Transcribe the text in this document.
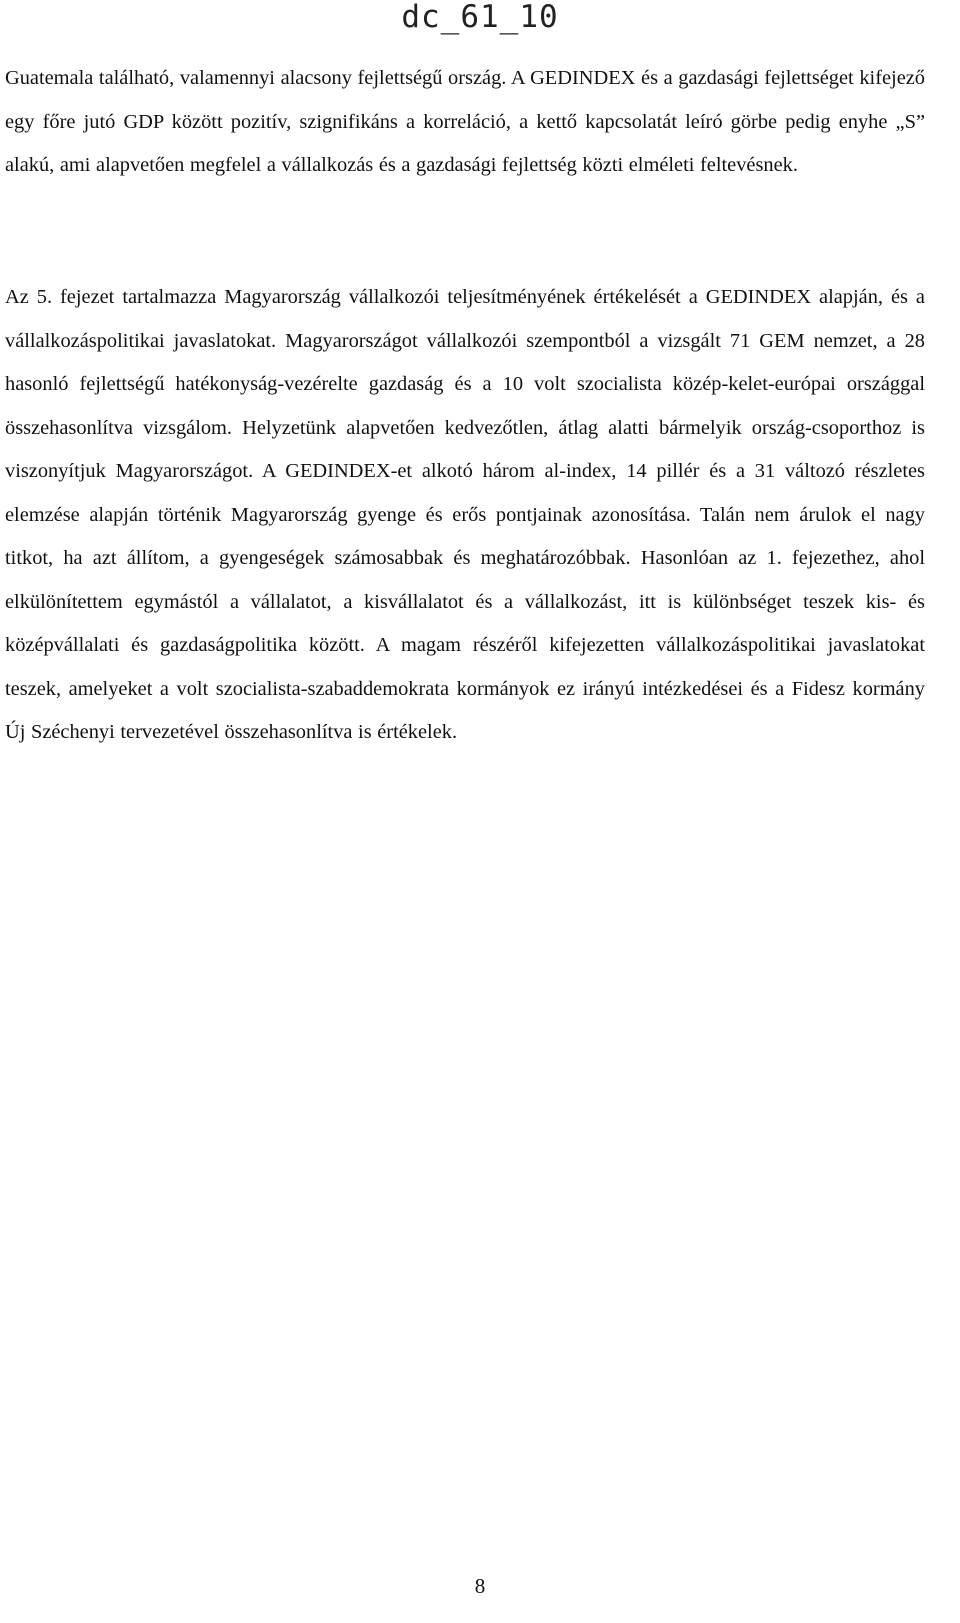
dc_61_10

Guatemala található, valamennyi alacsony fejlettségű ország. A GEDINDEX és a gazdasági fejlettséget kifejező egy főre jutó GDP között pozitív, szignifikáns a korreláció, a kettő kapcsolatát leíró görbe pedig enyhe „S” alakú, ami alapvetően megfelel a vállalkozás és a gazdasági fejlettség közti elméleti feltevésnek.

Az 5. fejezet tartalmazza Magyarország vállalkozói teljesítményének értékelését a GEDINDEX alapján, és a vállalkozáspolitikai javaslatokat. Magyarországot vállalkozói szempontból a vizsgált 71 GEM nemzet, a 28 hasonló fejlettségű hatékonyság-vezérelte gazdaság és a 10 volt szocialista közép-kelet-európai országgal összehasonlítva vizsgálom. Helyzetünk alapvetően kedvezőtlen, átlag alatti bármelyik ország-csoporthoz is viszonyítjuk Magyarországot. A GEDINDEX-et alkotó három al-index, 14 pillér és a 31 változó részletes elemzése alapján történik Magyarország gyenge és erős pontjainak azonosítása. Talán nem árulok el nagy titkot, ha azt állítom, a gyengeségek számosabbak és meghatározóbbak. Hasonlóan az 1. fejezethez, ahol elkülönítettem egymástól a vállalatot, a kisvállalatot és a vállalkozást, itt is különbséget teszek kis- és középvállalati és gazdaságpolitika között. A magam részéről kifejezetten vállalkozáspolitikai javaslatokat teszek, amelyeket a volt szocialista-szabaddemokrata kormányok ez irányú intézkedései és a Fidesz kormány Új Széchenyi tervezetével összehasonlítva is értékelek.

8
